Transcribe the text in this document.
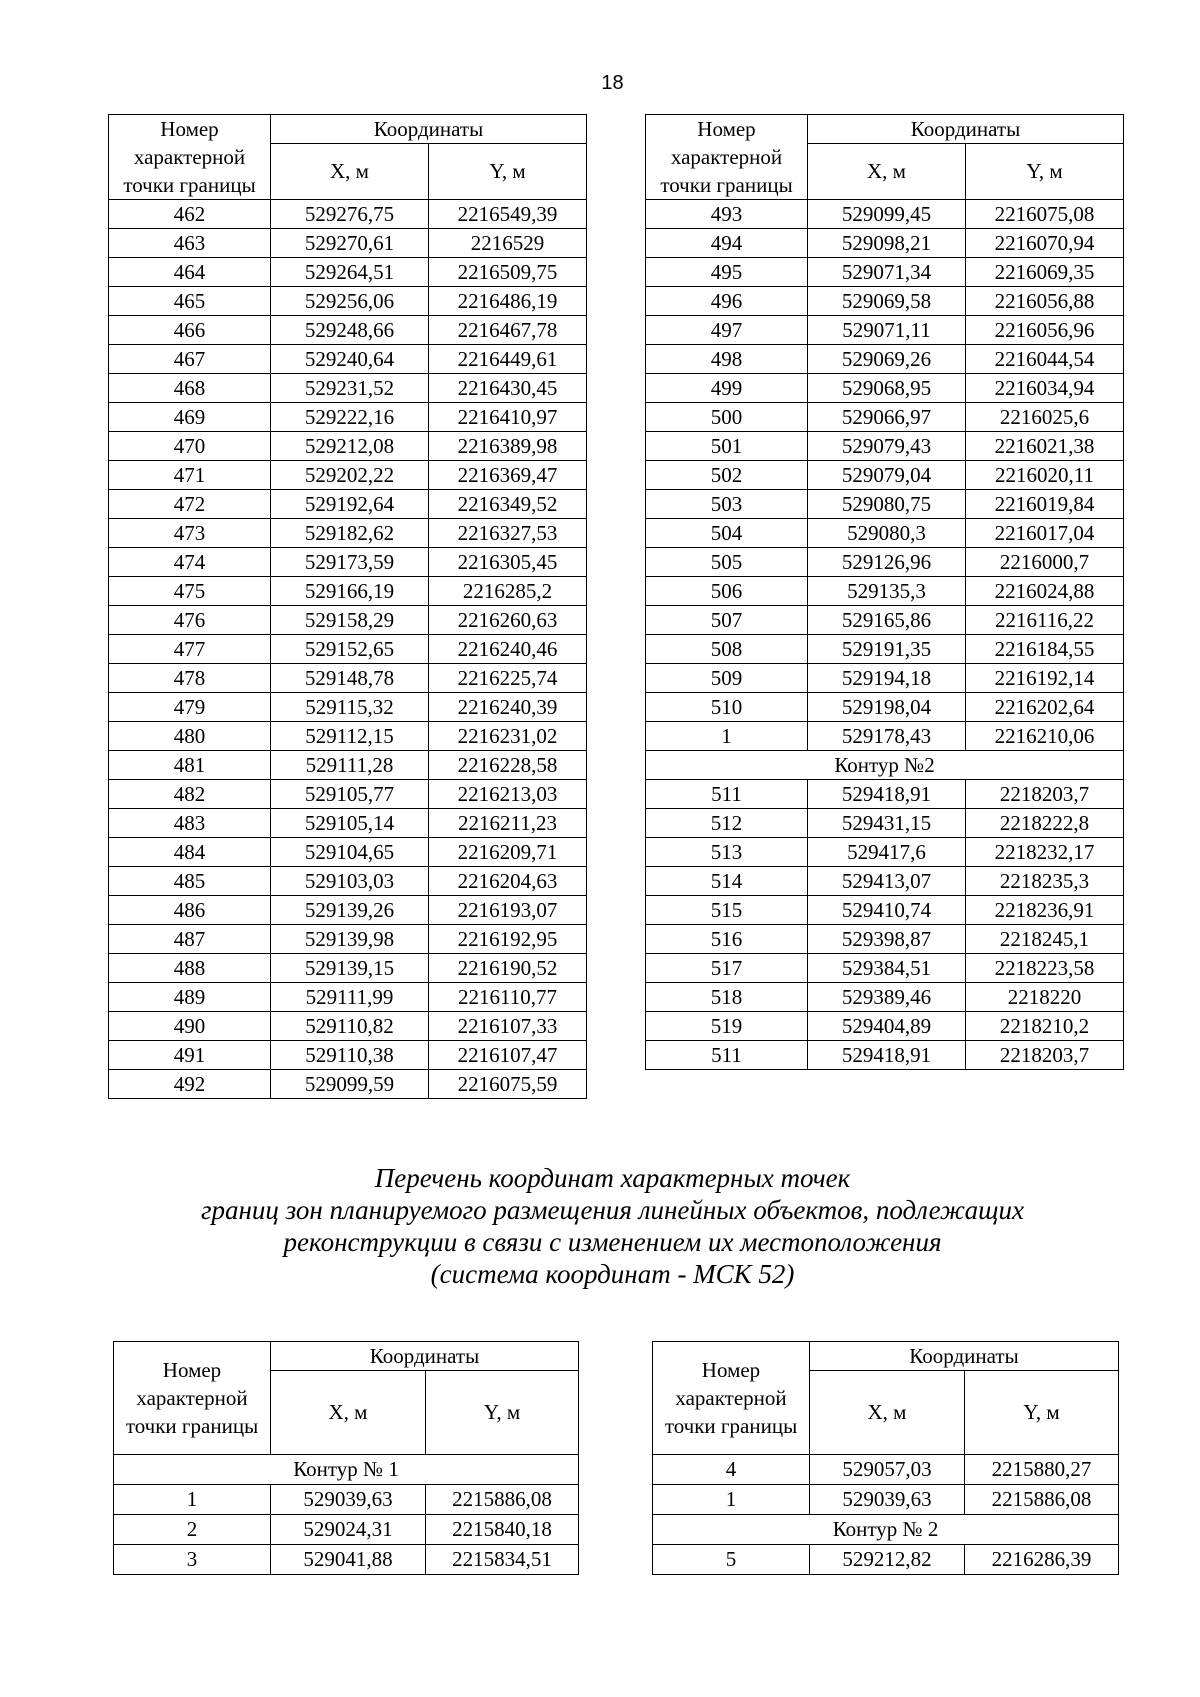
18
Номер характерной точки границы	Координаты	
	X, м	Y, м
462	529276,75	2216549,39
463	529270,61	2216529
464	529264,51	2216509,75
465	529256,06	2216486,19
466	529248,66	2216467,78
467	529240,64	2216449,61
468	529231,52	2216430,45
469	529222,16	2216410,97
470	529212,08	2216389,98
471	529202,22	2216369,47
472	529192,64	2216349,52
473	529182,62	2216327,53
474	529173,59	2216305,45
475	529166,19	2216285,2
476	529158,29	2216260,63
477	529152,65	2216240,46
478	529148,78	2216225,74
479	529115,32	2216240,39
480	529112,15	2216231,02
481	529111,28	2216228,58
482	529105,77	2216213,03
483	529105,14	2216211,23
484	529104,65	2216209,71
485	529103,03	2216204,63
486	529139,26	2216193,07
487	529139,98	2216192,95
488	529139,15	2216190,52
489	529111,99	2216110,77
490	529110,82	2216107,33
491	529110,38	2216107,47
492	529099,59	2216075,59
Номер характерной точки границы	Координаты	
	X, м	Y, м
493	529099,45	2216075,08
494	529098,21	2216070,94
495	529071,34	2216069,35
496	529069,58	2216056,88
497	529071,11	2216056,96
498	529069,26	2216044,54
499	529068,95	2216034,94
500	529066,97	2216025,6
501	529079,43	2216021,38
502	529079,04	2216020,11
503	529080,75	2216019,84
504	529080,3	2216017,04
505	529126,96	2216000,7
506	529135,3	2216024,88
507	529165,86	2216116,22
508	529191,35	2216184,55
509	529194,18	2216192,14
510	529198,04	2216202,64
1	529178,43	2216210,06
Контур №2		
511	529418,91	2218203,7
512	529431,15	2218222,8
513	529417,6	2218232,17
514	529413,07	2218235,3
515	529410,74	2218236,91
516	529398,87	2218245,1
517	529384,51	2218223,58
518	529389,46	2218220
519	529404,89	2218210,2
511	529418,91	2218203,7
Перечень координат характерных точек
границ зон планируемого размещения линейных объектов, подлежащих
реконструкции в связи с изменением их местоположения
(система координат - МСК 52)
Номер характерной точки границы	Координаты	
	X, м	Y, м
Контур № 1		
1	529039,63	2215886,08
2	529024,31	2215840,18
3	529041,88	2215834,51
Номер характерной точки границы	Координаты	
	X, м	Y, м
4	529057,03	2215880,27
1	529039,63	2215886,08
Контур № 2		
5	529212,82	2216286,39
